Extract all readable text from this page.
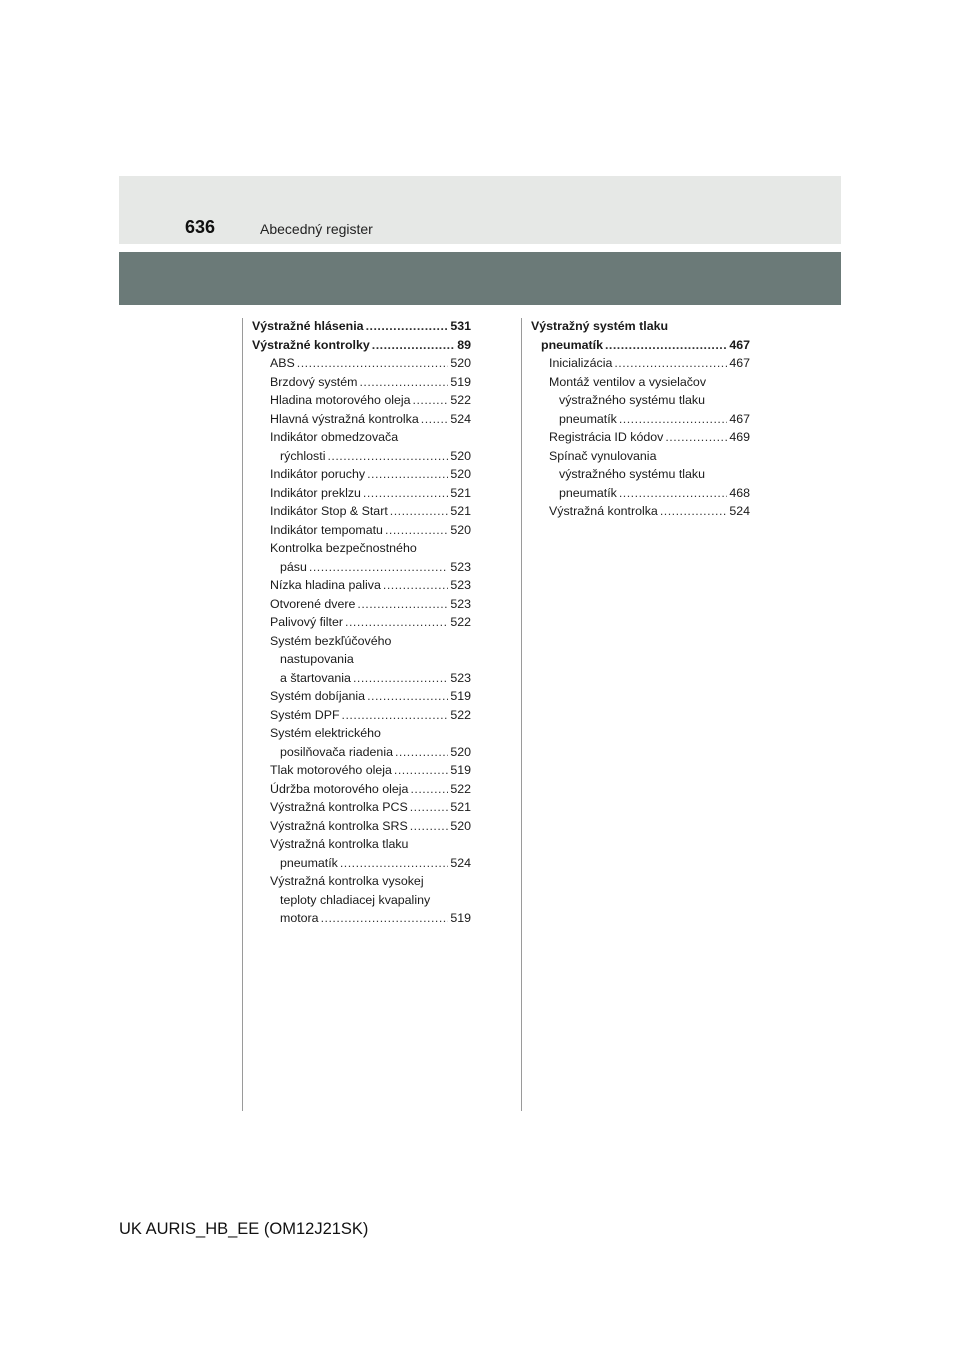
636	Abecedný register
Výstražné hlásenia .....	531
Výstražné kontrolky .....	89
ABS .....	520
Brzdový systém .....	519
Hladina motorového oleja .....	522
Hlavná výstražná kontrolka .....	524
Indikátor obmedzovača
rýchlosti .....	520
Indikátor poruchy .....	520
Indikátor preklzu .....	521
Indikátor Stop & Start .....	521
Indikátor tempomatu .....	520
Kontrolka bezpečnostného
pásu .....	523
Nízka hladina paliva .....	523
Otvorené dvere .....	523
Palivový filter .....	522
Systém bezkľúčového
nastupovania
a štartovania .....	523
Systém dobíjania .....	519
Systém DPF .....	522
Systém elektrického
posilňovača riadenia .....	520
Tlak motorového oleja .....	519
Údržba motorového oleja .....	522
Výstražná kontrolka PCS .....	521
Výstražná kontrolka SRS .....	520
Výstražná kontrolka tlaku
pneumatík .....	524
Výstražná kontrolka vysokej
teploty chladiacej kvapaliny
motora .....	519
Výstražný systém tlaku
pneumatík .....	467
Inicializácia .....	467
Montáž ventilov a vysielačov
výstražného systému tlaku
pneumatík .....	467
Registrácia ID kódov .....	469
Spínač vynulovania
výstražného systému tlaku
pneumatík .....	468
Výstražná kontrolka .....	524
UK AURIS_HB_EE (OM12J21SK)
